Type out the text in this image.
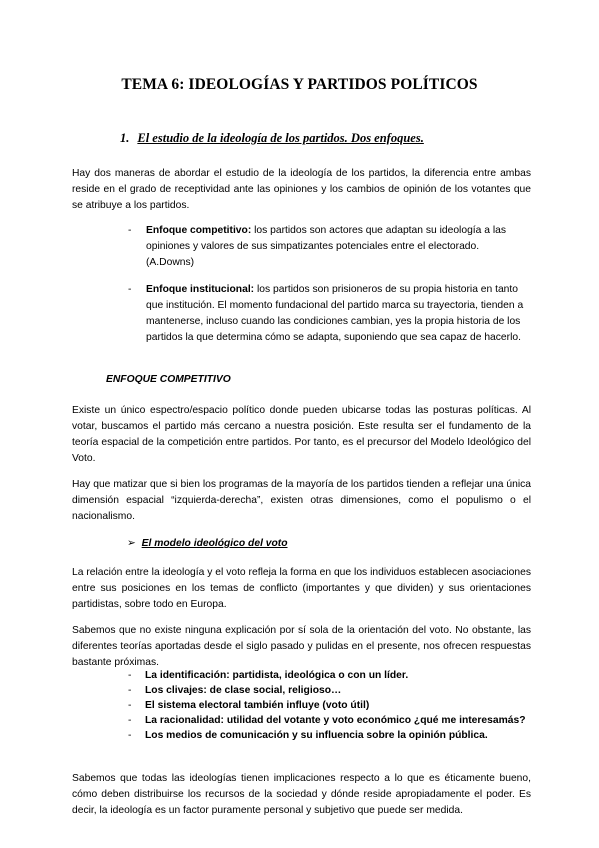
TEMA 6: IDEOLOGÍAS Y PARTIDOS POLÍTICOS
1. El estudio de la ideología de los partidos. Dos enfoques.

Hay dos maneras de abordar el estudio de la ideología de los partidos, la diferencia entre ambas reside en el grado de receptividad ante las opiniones y los cambios de opinión de los votantes que se atribuye a los partidos.

- Enfoque competitivo: los partidos son actores que adaptan su ideología a las opiniones y valores de sus simpatizantes potenciales entre el electorado. (A.Downs)
- Enfoque institucional: los partidos son prisioneros de su propia historia en tanto que institución. El momento fundacional del partido marca su trayectoria, tienden a mantenerse, incluso cuando las condiciones cambian, yes la propia historia de los partidos la que determina cómo se adapta, suponiendo que sea capaz de hacerlo.
ENFOQUE COMPETITIVO

Existe un único espectro/espacio político donde pueden ubicarse todas las posturas políticas. Al votar, buscamos el partido más cercano a nuestra posición. Este resulta ser el fundamento de la teoría espacial de la competición entre partidos. Por tanto, es el precursor del Modelo Ideológico del Voto.

Hay que matizar que si bien los programas de la mayoría de los partidos tienden a reflejar una única dimensión espacial “izquierda-derecha”, existen otras dimensiones, como el populismo o el nacionalismo.

➢ El modelo ideológico del voto

La relación entre la ideología y el voto refleja la forma en que los individuos establecen asociaciones entre sus posiciones en los temas de conflicto (importantes y que dividen) y sus orientaciones partidistas, sobre todo en Europa.

Sabemos que no existe ninguna explicación por sí sola de la orientación del voto. No obstante, las diferentes teorías aportadas desde el siglo pasado y pulidas en el presente, nos ofrecen respuestas bastante próximas.

- La identificación: partidista, ideológica o con un líder.
- Los clivajes: de clase social, religioso…
- El sistema electoral también influye (voto útil)
- La racionalidad: utilidad del votante y voto económico ¿qué me interesamás?
- Los medios de comunicación y su influencia sobre la opinión pública.

Sabemos que todas las ideologías tienen implicaciones respecto a lo que es éticamente bueno, cómo deben distribuirse los recursos de la sociedad y dónde reside apropiadamente el poder. Es decir, la ideología es un factor puramente personal y subjetivo que puede ser medida.
